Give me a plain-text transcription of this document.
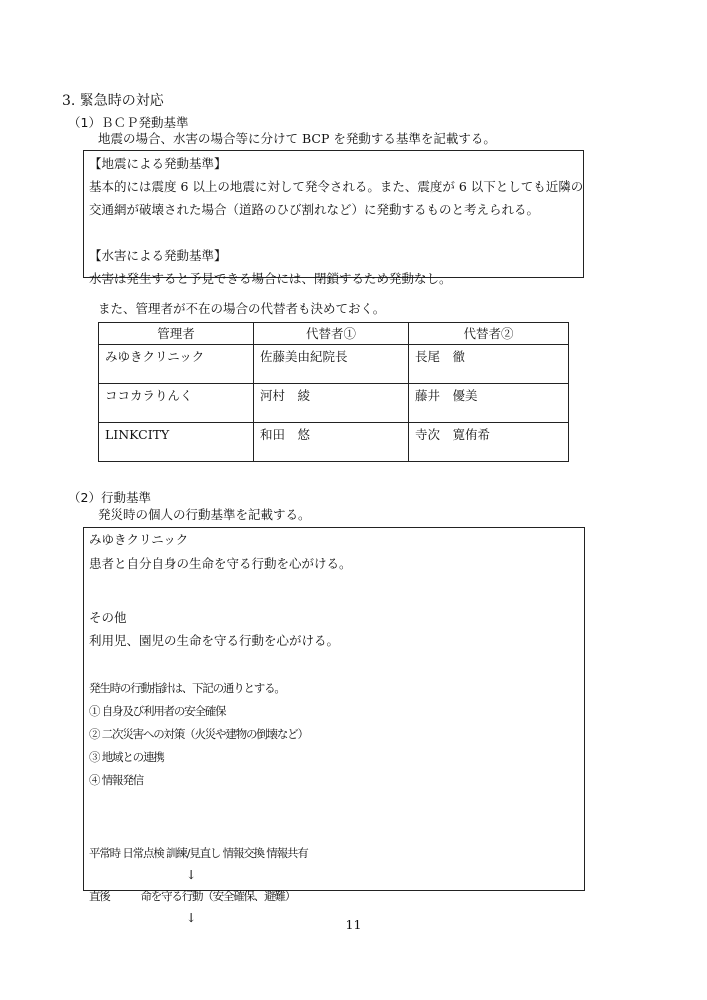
3. 緊急時の対応
（1）ＢＣＰ発動基準
地震の場合、水害の場合等に分けて BCP を発動する基準を記載する。
【地震による発動基準】
基本的には震度 6 以上の地震に対して発令される。また、震度が 6 以下としても近隣の
交通網が破壊された場合（道路のひび割れなど）に発動するものと考えられる。
【水害による発動基準】
水害は発生すると予見できる場合には、閉鎖するため発動なし。
また、管理者が不在の場合の代替者も決めておく。
管理者	代替者①	代替者②
みゆきクリニック	佐藤美由紀院長	長尾　徹
ココカラりんく	河村　綾	藤井　優美
LINKCITY	和田　悠	寺次　寛侑希
（2）行動基準
発災時の個人の行動基準を記載する。
みゆきクリニック
患者と自分自身の生命を守る行動を心がける。
その他
利用児、園児の生命を守る行動を心がける。
発生時の行動指針は、下記の通りとする。
① 自身及び利用者の安全確保
② 二次災害への対策（火災や建物の倒壊など）
③ 地域との連携
④ 情報発信
平常時 日常点検 訓練/見直し 情報交換 情報共有
↓
直後　　　命を守る行動（安全確保、避難）
↓	11
